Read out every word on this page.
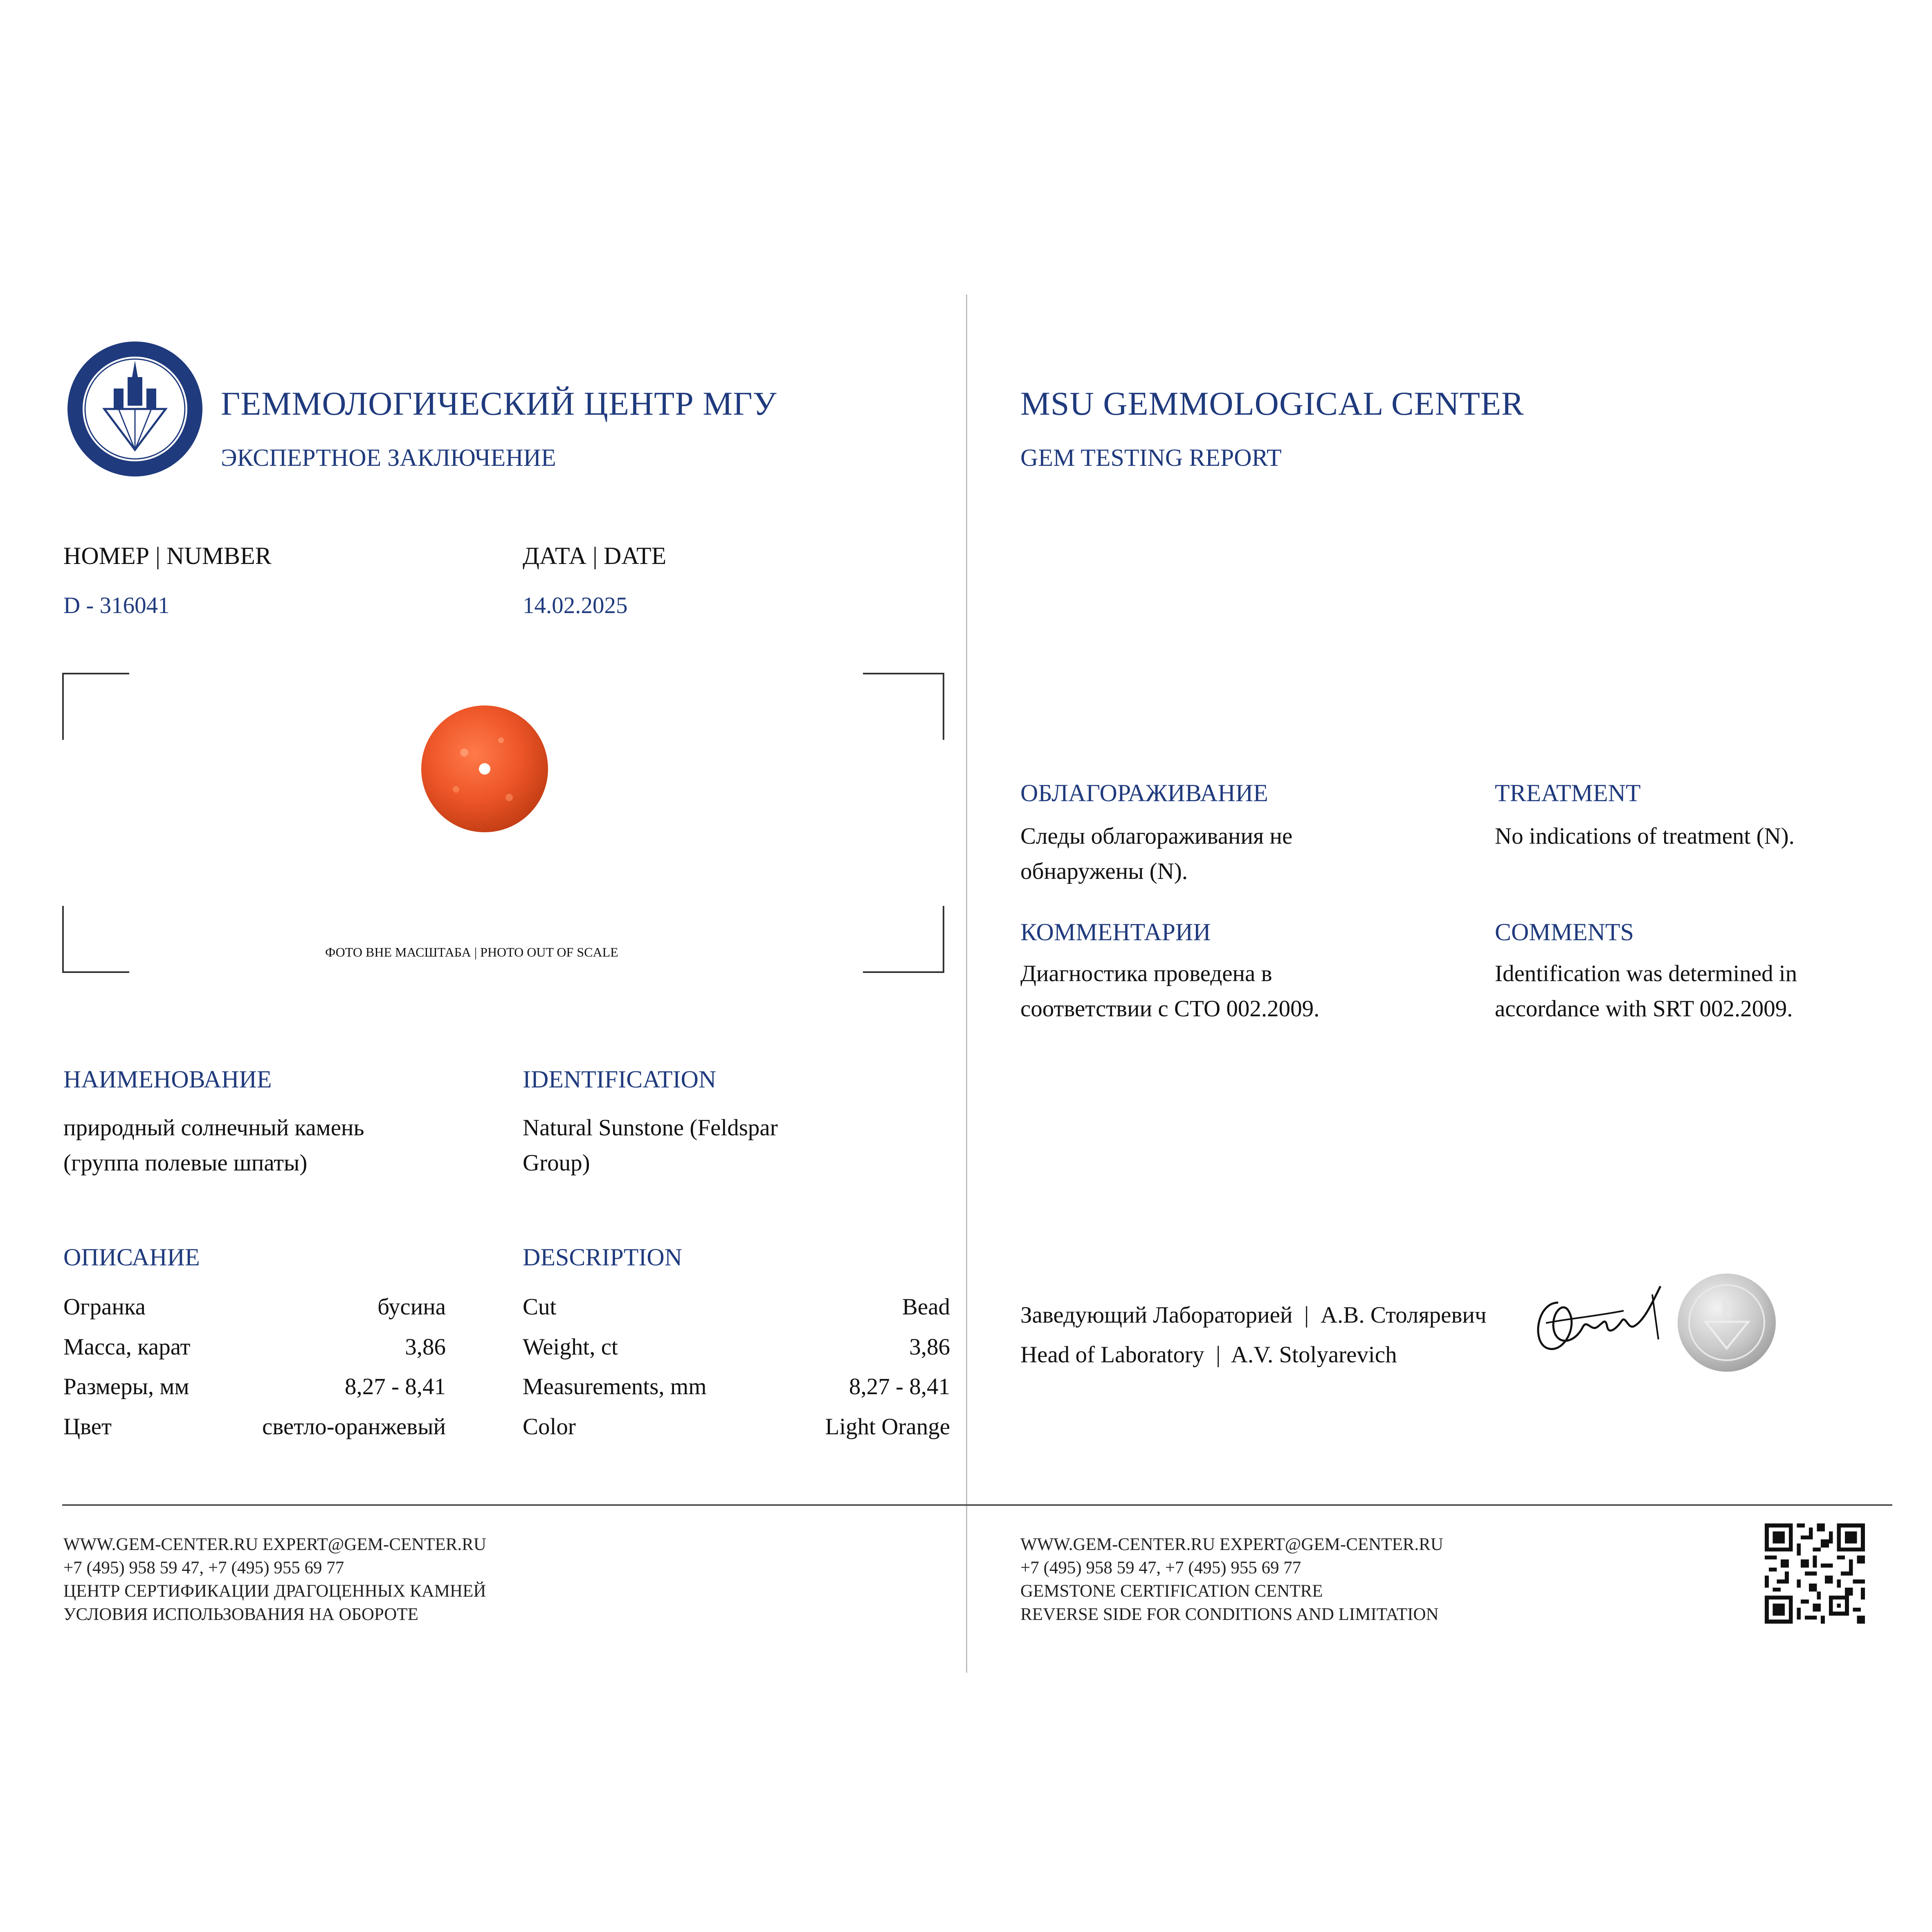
ГЕММОЛОГИЧЕСКИЙ ЦЕНТР МГУ
ЭКСПЕРТНОЕ ЗАКЛЮЧЕНИЕ
НОМЕР | NUMBER
D - 316041
ДАТА | DATE
14.02.2025
ФОТО ВНЕ МАСШТАБА | PHOTO OUT OF SCALE
НАИМЕНОВАНИЕ
природный солнечный камень
(группа полевые шпаты)
IDENTIFICATION
Natural Sunstone (Feldspar
Group)
ОПИСАНИЕ	DESCRIPTION
Огранка	бусина
Масса, карат	3,86
Размеры, мм	8,27 - 8,41
Цвет	светло-оранжевый
Cut	Bead
Weight, ct	3,86
Measurements, mm	8,27 - 8,41
Color	Light Orange
WWW.GEM-CENTER.RU EXPERT@GEM-CENTER.RU
+7 (495) 958 59 47, +7 (495) 955 69 77
ЦЕНТР СЕРТИФИКАЦИИ ДРАГОЦЕННЫХ КАМНЕЙ
УСЛОВИЯ ИСПОЛЬЗОВАНИЯ НА ОБОРОТЕ
MSU GEMMOLOGICAL CENTER
GEM TESTING REPORT
ОБЛАГОРАЖИВАНИЕ
Следы облагораживания не
обнаружены (N).
TREATMENT
No indications of treatment (N).
КОММЕНТАРИИ
Диагностика проведена в
соответствии с СТО 002.2009.
COMMENTS
Identification was determined in
accordance with SRT 002.2009.
Заведующий Лабораторией  |  А.В. Столяревич
Head of Laboratory  |  A.V. Stolyarevich
WWW.GEM-CENTER.RU EXPERT@GEM-CENTER.RU
+7 (495) 958 59 47, +7 (495) 955 69 77
GEMSTONE CERTIFICATION CENTRE
REVERSE SIDE FOR CONDITIONS AND LIMITATION
